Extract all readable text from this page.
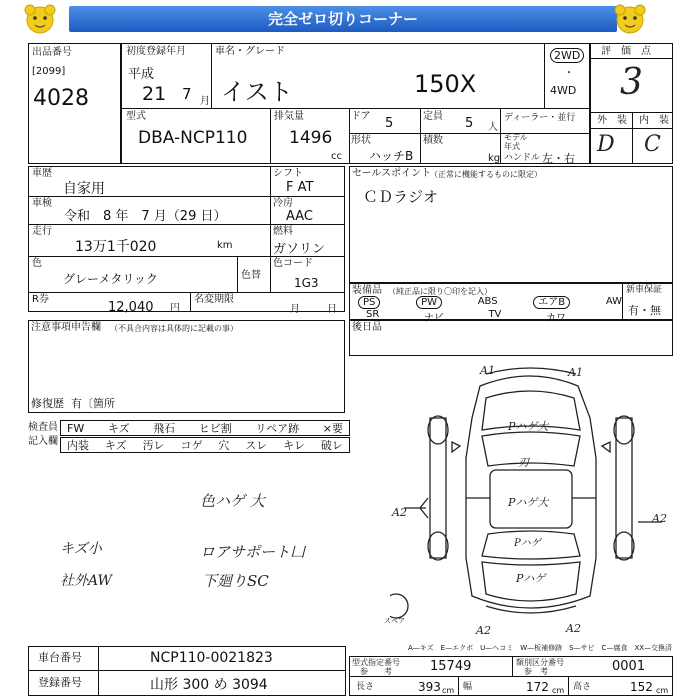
完全ゼロ切りコーナー
出品番号
[2099]
4028
初度登録年月
平成
21 7 月
車名・グレード
イスト	150X
2WD
・
4WD
型式
DBA-NCP110
排気量
1496
cc
ドア 5	定員 5 人
ディーラー・並行
形状
ハッチB
積数
kg
モデル
年式
ハンドル 左・右
評　価　点
3
外　装 内　装
D C
車歴
自家用
シフト
F AT
車検
令和　8 年　7 月（29 日）
冷房
AAC
走行
13万1千020	km
燃料
ガソリン
色
グレーメタリック	色替
色コード
1G3
R券
12,040 円
名変期限
月	日
注意事項申告欄 （不具合内容は具体的に記載の事）
修復歴 有〔箇所
セールスポイント
（正常に機能するものに限定）
ＣＤラジオ
装備品 （純正品に限り〇印を記入）
PS	PW	ABS	エアB	AW
SR	ナビ	TV	カワ
新車保証
有・無
後日品
検査員
記入欄
FW キズ 飛石 ヒビ割 リペア跡 ×要
内装 キズ 汚レ コゲ 穴 スレ キレ 破レ
色ハゲ 大
キズ小	ロアサポート凵
社外AW	下廻りSC
A1	A1
Pハゲ大
刃
Pハゲ大
A2	A2
Pハゲ
Pハゲ
A2	A2
スペア
A—キズ　E—エクボ　U—ヘコミ　W—板補修跡　S—サビ　C—腐食　XX—交換済
車台番号	NCP110-0021823
登録番号	山形 300 め 3094
型式指定番号
参　　考	15749	類別区分番号
参　考	0001
長さ	393 cm 幅	172 cm 高さ	152 cm
